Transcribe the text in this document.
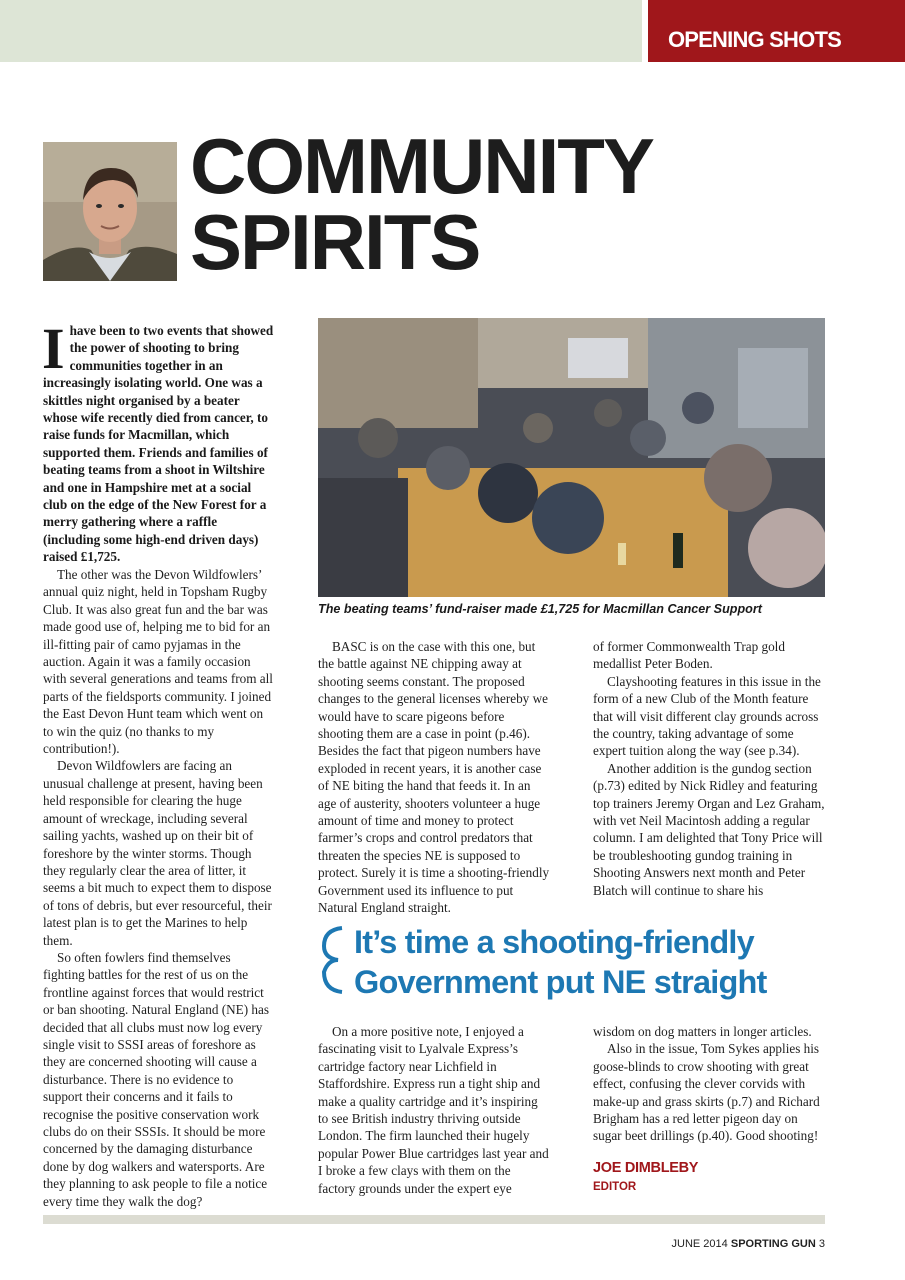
OPENING SHOTS
COMMUNITY
SPIRITS
Ihave been to two events that showed the power of shooting to bring communities together in an increasingly isolating world. One was a skittles night organised by a beater whose wife recently died from cancer, to raise funds for Macmillan, which supported them. Friends and families of beating teams from a shoot in Wiltshire and one in Hampshire met at a social club on the edge of the New Forest for a merry gathering where a raffle (including some high-end driven days) raised £1,725.

The other was the Devon Wildfowlers’ annual quiz night, held in Topsham Rugby Club. It was also great fun and the bar was made good use of, helping me to bid for an ill-fitting pair of camo pyjamas in the auction. Again it was a family occasion with several generations and teams from all parts of the fieldsports community. I joined the East Devon Hunt team which went on to win the quiz (no thanks to my contribution!).

Devon Wildfowlers are facing an unusual challenge at present, having been held responsible for clearing the huge amount of wreckage, including several sailing yachts, washed up on their bit of foreshore by the winter storms. Though they regularly clear the area of litter, it seems a bit much to expect them to dispose of tons of debris, but ever resourceful, their latest plan is to get the Marines to help them.

So often fowlers find themselves fighting battles for the rest of us on the frontline against forces that would restrict or ban shooting. Natural England (NE) has decided that all clubs must now log every single visit to SSSI areas of foreshore as they are concerned shooting will cause a disturbance. There is no evidence to support their concerns and it fails to recognise the positive conservation work clubs do on their SSSIs. It should be more concerned by the damaging disturbance done by dog walkers and watersports. Are they planning to ask people to file a notice every time they walk the dog?

The beating teams’ fund-raiser made £1,725 for Macmillan Cancer Support

BASC is on the case with this one, but the battle against NE chipping away at shooting seems constant. The proposed changes to the general licenses whereby we would have to scare pigeons before shooting them are a case in point (p.46). Besides the fact that pigeon numbers have exploded in recent years, it is another case of NE biting the hand that feeds it. In an age of austerity, shooters volunteer a huge amount of time and money to protect farmer’s crops and control predators that threaten the species NE is supposed to protect. Surely it is time a shooting-friendly Government used its influence to put Natural England straight.

of former Commonwealth Trap gold medallist Peter Boden.

Clayshooting features in this issue in the form of a new Club of the Month feature that will visit different clay grounds across the country, taking advantage of some expert tuition along the way (see p.34).

Another addition is the gundog section (p.73) edited by Nick Ridley and featuring top trainers Jeremy Organ and Lez Graham, with vet Neil Macintosh adding a regular column. I am delighted that Tony Price will be troubleshooting gundog training in Shooting Answers next month and Peter Blatch will continue to share his

It’s time a shooting-friendly
Government put NE straight

On a more positive note, I enjoyed a fascinating visit to Lyalvale Express’s cartridge factory near Lichfield in Staffordshire. Express run a tight ship and make a quality cartridge and it’s inspiring to see British industry thriving outside London. The firm launched their hugely popular Power Blue cartridges last year and I broke a few clays with them on the factory grounds under the expert eye

wisdom on dog matters in longer articles.

Also in the issue, Tom Sykes applies his goose-blinds to crow shooting with great effect, confusing the clever corvids with make-up and grass skirts (p.7) and Richard Brigham has a red letter pigeon day on sugar beet drillings (p.40). Good shooting!

JOE DIMBLEBY
EDITOR
JUNE 2014 SPORTING GUN 3
